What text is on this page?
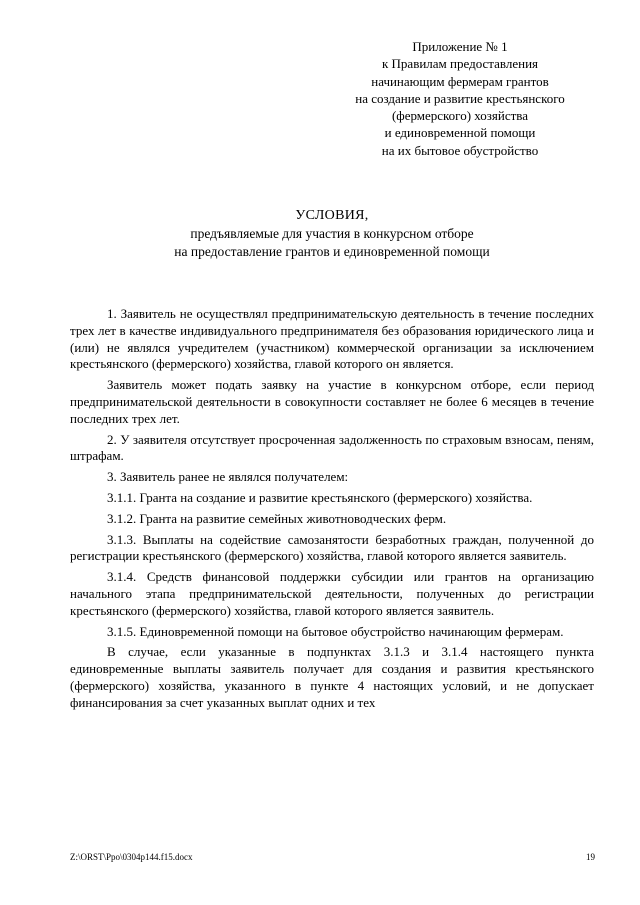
Приложение № 1
к Правилам предоставления
начинающим фермерам грантов
на создание и развитие крестьянского
(фермерского) хозяйства
и единовременной помощи
на их бытовое обустройство
УСЛОВИЯ,
предъявляемые для участия в конкурсном отборе
на предоставление грантов и единовременной помощи

1. Заявитель не осуществлял предпринимательскую деятельность в течение последних трех лет в качестве индивидуального предпринимателя без образования юридического лица и (или) не являлся учредителем (участником) коммерческой организации за исключением крестьянского (фермерского) хозяйства, главой которого он является.

Заявитель может подать заявку на участие в конкурсном отборе, если период предпринимательской деятельности в совокупности составляет не более 6 месяцев в течение последних трех лет.

2. У заявителя отсутствует просроченная задолженность по страховым взносам, пеням, штрафам.

3. Заявитель ранее не являлся получателем:

3.1.1. Гранта на создание и развитие крестьянского (фермерского) хозяйства.

3.1.2. Гранта на развитие семейных животноводческих ферм.

3.1.3. Выплаты на содействие самозанятости безработных граждан, полученной до регистрации крестьянского (фермерского) хозяйства, главой которого является заявитель.

3.1.4. Средств финансовой поддержки субсидии или грантов на организацию начального этапа предпринимательской деятельности, полученных до регистрации крестьянского (фермерского) хозяйства, главой которого является заявитель.

3.1.5. Единовременной помощи на бытовое обустройство начинающим фермерам.

В случае, если указанные в подпунктах 3.1.3 и 3.1.4 настоящего пункта единовременные выплаты заявитель получает для создания и развития крестьянского (фермерского) хозяйства, указанного в пункте 4 настоящих условий, и не допускает финансирования за счет указанных выплат одних и тех

Z:\ORST\Ppo\0304p144.f15.docx	19
